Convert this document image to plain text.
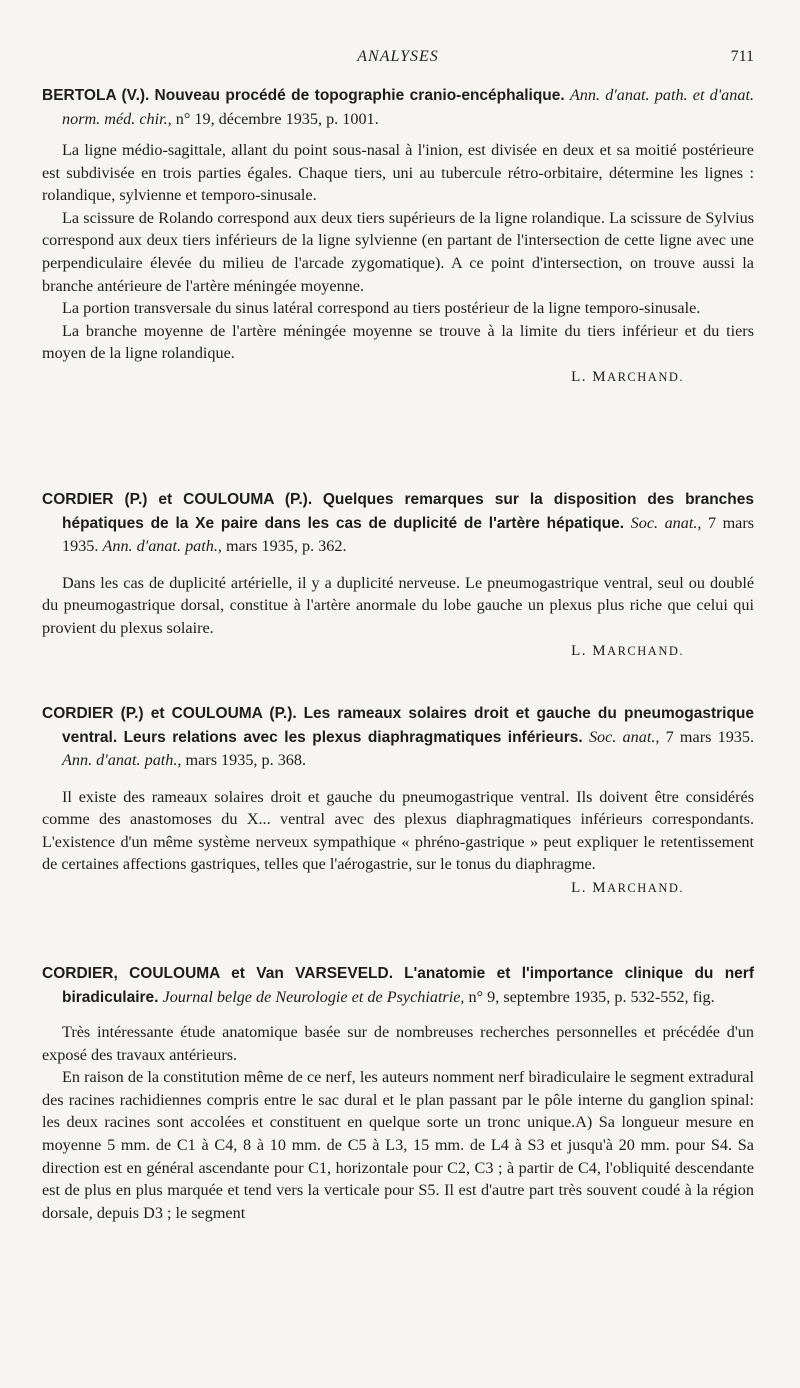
ANALYSES	711

BERTOLA (V.). Nouveau procédé de topographie cranio-encéphalique. Ann. d'anat. path. et d'anat. norm. méd. chir., n° 19, décembre 1935, p. 1001.

La ligne médio-sagittale, allant du point sous-nasal à l'inion, est divisée en deux et sa moitié postérieure est subdivisée en trois parties égales. Chaque tiers, uni au tubercule rétro-orbitaire, détermine les lignes : rolandique, sylvienne et temporo-sinusale.

La scissure de Rolando correspond aux deux tiers supérieurs de la ligne rolandique. La scissure de Sylvius correspond aux deux tiers inférieurs de la ligne sylvienne (en partant de l'intersection de cette ligne avec une perpendiculaire élevée du milieu de l'arcade zygomatique). A ce point d'intersection, on trouve aussi la branche antérieure de l'artère méningée moyenne.

La portion transversale du sinus latéral correspond au tiers postérieur de la ligne temporo-sinusale.

La branche moyenne de l'artère méningée moyenne se trouve à la limite du tiers inférieur et du tiers moyen de la ligne rolandique.

L. MARCHAND.

CORDIER (P.) et COULOUMA (P.). Quelques remarques sur la disposition des branches hépatiques de la Xe paire dans les cas de duplicité de l'artère hépatique. Soc. anat., 7 mars 1935. Ann. d'anat. path., mars 1935, p. 362.

Dans les cas de duplicité artérielle, il y a duplicité nerveuse. Le pneumogastrique ventral, seul ou doublé du pneumogastrique dorsal, constitue à l'artère anormale du lobe gauche un plexus plus riche que celui qui provient du plexus solaire.

L. MARCHAND.

CORDIER (P.) et COULOUMA (P.). Les rameaux solaires droit et gauche du pneumogastrique ventral. Leurs relations avec les plexus diaphragmatiques inférieurs. Soc. anat., 7 mars 1935. Ann. d'anat. path., mars 1935, p. 368.

Il existe des rameaux solaires droit et gauche du pneumogastrique ventral. Ils doivent être considérés comme des anastomoses du X... ventral avec des plexus diaphragmatiques inférieurs correspondants. L'existence d'un même système nerveux sympathique « phréno-gastrique » peut expliquer le retentissement de certaines affections gastriques, telles que l'aérogastrie, sur le tonus du diaphragme.

L. MARCHAND.

CORDIER, COULOUMA et Van VARSEVELD. L'anatomie et l'importance clinique du nerf biradiculaire. Journal belge de Neurologie et de Psychiatrie, n° 9, septembre 1935, p. 532-552, fig.

Très intéressante étude anatomique basée sur de nombreuses recherches personnelles et précédée d'un exposé des travaux antérieurs.

En raison de la constitution même de ce nerf, les auteurs nomment nerf biradiculaire le segment extradural des racines rachidiennes compris entre le sac dural et le plan passant par le pôle interne du ganglion spinal: les deux racines sont accolées et constituent en quelque sorte un tronc unique.A) Sa longueur mesure en moyenne 5 mm. de C1 à C4, 8 à 10 mm. de C5 à L3, 15 mm. de L4 à S3 et jusqu'à 20 mm. pour S4. Sa direction est en général ascendante pour C1, horizontale pour C2, C3 ; à partir de C4, l'obliquité descendante est de plus en plus marquée et tend vers la verticale pour S5. Il est d'autre part très souvent coudé à la région dorsale, depuis D3 ; le segment
